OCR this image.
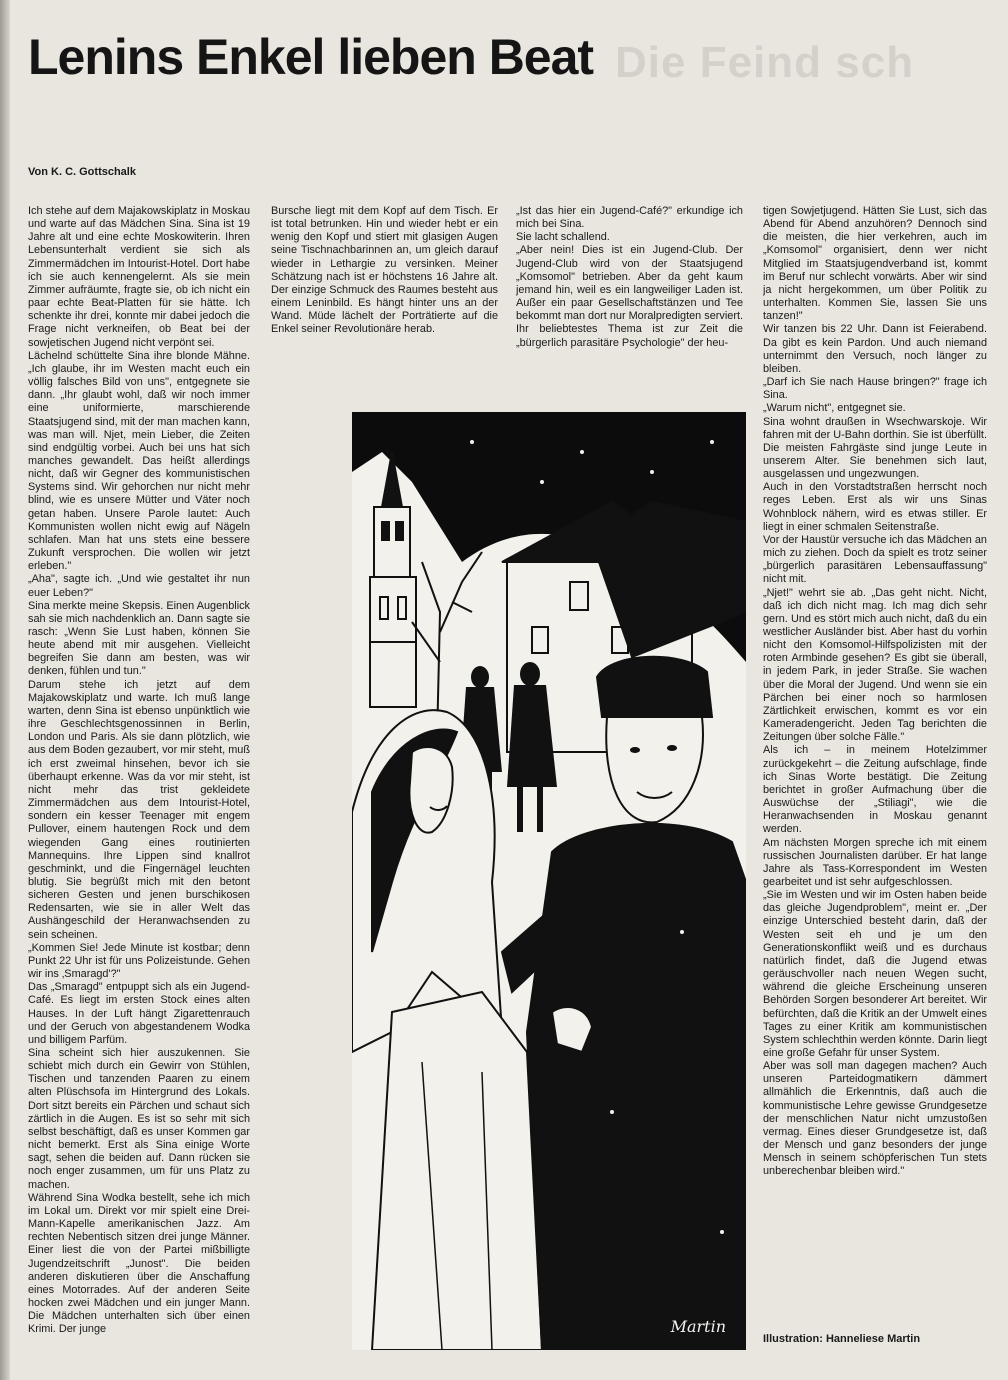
Die Feind sch
Lenins Enkel lieben Beat

Von K. C. Gottschalk

Ich stehe auf dem Majakowskiplatz in Moskau und warte auf das Mädchen Sina. Sina ist 19 Jahre alt und eine echte Moskowiterin. Ihren Lebensunterhalt verdient sie sich als Zimmermädchen im Intourist-Hotel. Dort habe ich sie auch kennengelernt. Als sie mein Zimmer aufräumte, fragte sie, ob ich nicht ein paar echte Beat-Platten für sie hätte. Ich schenkte ihr drei, konnte mir dabei jedoch die Frage nicht verkneifen, ob Beat bei der sowjetischen Jugend nicht verpönt sei.

Lächelnd schüttelte Sina ihre blonde Mähne. „Ich glaube, ihr im Westen macht euch ein völlig falsches Bild von uns", entgegnete sie dann. „Ihr glaubt wohl, daß wir noch immer eine uniformierte, marschierende Staatsjugend sind, mit der man machen kann, was man will. Njet, mein Lieber, die Zeiten sind endgültig vorbei. Auch bei uns hat sich manches gewandelt. Das heißt allerdings nicht, daß wir Gegner des kommunistischen Systems sind. Wir gehorchen nur nicht mehr blind, wie es unsere Mütter und Väter noch getan haben. Unsere Parole lautet: Auch Kommunisten wollen nicht ewig auf Nägeln schlafen. Man hat uns stets eine bessere Zukunft versprochen. Die wollen wir jetzt erleben."

„Aha", sagte ich. „Und wie gestaltet ihr nun euer Leben?"

Sina merkte meine Skepsis. Einen Augenblick sah sie mich nachdenklich an. Dann sagte sie rasch: „Wenn Sie Lust haben, können Sie heute abend mit mir ausgehen. Vielleicht begreifen Sie dann am besten, was wir denken, fühlen und tun."

Darum stehe ich jetzt auf dem Majakowskiplatz und warte. Ich muß lange warten, denn Sina ist ebenso unpünktlich wie ihre Geschlechtsgenossinnen in Berlin, London und Paris. Als sie dann plötzlich, wie aus dem Boden gezaubert, vor mir steht, muß ich erst zweimal hinsehen, bevor ich sie überhaupt erkenne. Was da vor mir steht, ist nicht mehr das trist gekleidete Zimmermädchen aus dem Intourist-Hotel, sondern ein kesser Teenager mit engem Pullover, einem hautengen Rock und dem wiegenden Gang eines routinierten Mannequins. Ihre Lippen sind knallrot geschminkt, und die Fingernägel leuchten blutig. Sie begrüßt mich mit den betont sicheren Gesten und jenen burschikosen Redensarten, wie sie in aller Welt das Aushängeschild der Heranwachsenden zu sein scheinen.

„Kommen Sie! Jede Minute ist kostbar; denn Punkt 22 Uhr ist für uns Polizeistunde. Gehen wir ins ‚Smaragd'?"

Das „Smaragd" entpuppt sich als ein Jugend-Café. Es liegt im ersten Stock eines alten Hauses. In der Luft hängt Zigarettenrauch und der Geruch von abgestandenem Wodka und billigem Parfüm.

Sina scheint sich hier auszukennen. Sie schiebt mich durch ein Gewirr von Stühlen, Tischen und tanzenden Paaren zu einem alten Plüschsofa im Hintergrund des Lokals. Dort sitzt bereits ein Pärchen und schaut sich zärtlich in die Augen. Es ist so sehr mit sich selbst beschäftigt, daß es unser Kommen gar nicht bemerkt. Erst als Sina einige Worte sagt, sehen die beiden auf. Dann rücken sie noch enger zusammen, um für uns Platz zu machen.

Während Sina Wodka bestellt, sehe ich mich im Lokal um. Direkt vor mir spielt eine Drei-Mann-Kapelle amerikanischen Jazz. Am rechten Nebentisch sitzen drei junge Männer. Einer liest die von der Partei mißbilligte Jugendzeitschrift „Junost". Die beiden anderen diskutieren über die Anschaffung eines Motorrades. Auf der anderen Seite hocken zwei Mädchen und ein junger Mann. Die Mädchen unterhalten sich über einen Krimi. Der junge

Bursche liegt mit dem Kopf auf dem Tisch. Er ist total betrunken. Hin und wieder hebt er ein wenig den Kopf und stiert mit glasigen Augen seine Tischnachbarinnen an, um gleich darauf wieder in Lethargie zu versinken. Meiner Schätzung nach ist er höchstens 16 Jahre alt. Der einzige Schmuck des Raumes besteht aus einem Leninbild. Es hängt hinter uns an der Wand. Müde lächelt der Porträtierte auf die Enkel seiner Revolutionäre herab.

„Ist das hier ein Jugend-Café?" erkundige ich mich bei Sina.

Sie lacht schallend.

„Aber nein! Dies ist ein Jugend-Club. Der Jugend-Club wird von der Staatsjugend „Komsomol" betrieben. Aber da geht kaum jemand hin, weil es ein langweiliger Laden ist. Außer ein paar Gesellschaftstänzen und Tee bekommt man dort nur Moralpredigten serviert. Ihr beliebtestes Thema ist zur Zeit die „bürgerlich parasitäre Psychologie" der heu-

tigen Sowjetjugend. Hätten Sie Lust, sich das Abend für Abend anzuhören? Dennoch sind die meisten, die hier verkehren, auch im „Komsomol" organisiert, denn wer nicht Mitglied im Staatsjugendverband ist, kommt im Beruf nur schlecht vorwärts. Aber wir sind ja nicht hergekommen, um über Politik zu unterhalten. Kommen Sie, lassen Sie uns tanzen!"

Wir tanzen bis 22 Uhr. Dann ist Feierabend. Da gibt es kein Pardon. Und auch niemand unternimmt den Versuch, noch länger zu bleiben.

„Darf ich Sie nach Hause bringen?" frage ich Sina.

„Warum nicht", entgegnet sie.

Sina wohnt draußen in Wsechwarskoje. Wir fahren mit der U-Bahn dorthin. Sie ist überfüllt. Die meisten Fahrgäste sind junge Leute in unserem Alter. Sie benehmen sich laut, ausgelassen und ungezwungen.

Auch in den Vorstadtstraßen herrscht noch reges Leben. Erst als wir uns Sinas Wohnblock nähern, wird es etwas stiller. Er liegt in einer schmalen Seitenstraße.

Vor der Haustür versuche ich das Mädchen an mich zu ziehen. Doch da spielt es trotz seiner „bürgerlich parasitären Lebensauffassung" nicht mit.

„Njet!" wehrt sie ab. „Das geht nicht. Nicht, daß ich dich nicht mag. Ich mag dich sehr gern. Und es stört mich auch nicht, daß du ein westlicher Ausländer bist. Aber hast du vorhin nicht den Komsomol-Hilfspolizisten mit der roten Armbinde gesehen? Es gibt sie überall, in jedem Park, in jeder Straße. Sie wachen über die Moral der Jugend. Und wenn sie ein Pärchen bei einer noch so harmlosen Zärtlichkeit erwischen, kommt es vor ein Kameradengericht. Jeden Tag berichten die Zeitungen über solche Fälle."

Als ich – in meinem Hotelzimmer zurückgekehrt – die Zeitung aufschlage, finde ich Sinas Worte bestätigt. Die Zeitung berichtet in großer Aufmachung über die Auswüchse der „Stiliagi", wie die Heranwachsenden in Moskau genannt werden.

Am nächsten Morgen spreche ich mit einem russischen Journalisten darüber. Er hat lange Jahre als Tass-Korrespondent im Westen gearbeitet und ist sehr aufgeschlossen.

„Sie im Westen und wir im Osten haben beide das gleiche Jugendproblem", meint er. „Der einzige Unterschied besteht darin, daß der Westen seit eh und je um den Generationskonflikt weiß und es durchaus natürlich findet, daß die Jugend etwas geräuschvoller nach neuen Wegen sucht, während die gleiche Erscheinung unseren Behörden Sorgen besonderer Art bereitet. Wir befürchten, daß die Kritik an der Umwelt eines Tages zu einer Kritik am kommunistischen System schlechthin werden könnte. Darin liegt eine große Gefahr für unser System.

Aber was soll man dagegen machen? Auch unseren Parteidogmatikern dämmert allmählich die Erkenntnis, daß auch die kommunistische Lehre gewisse Grundgesetze der menschlichen Natur nicht umzustoßen vermag. Eines dieser Grundgesetze ist, daß der Mensch und ganz besonders der junge Mensch in seinem schöpferischen Tun stets unberechenbar bleiben wird."

Martin

Illustration: Hanneliese Martin
